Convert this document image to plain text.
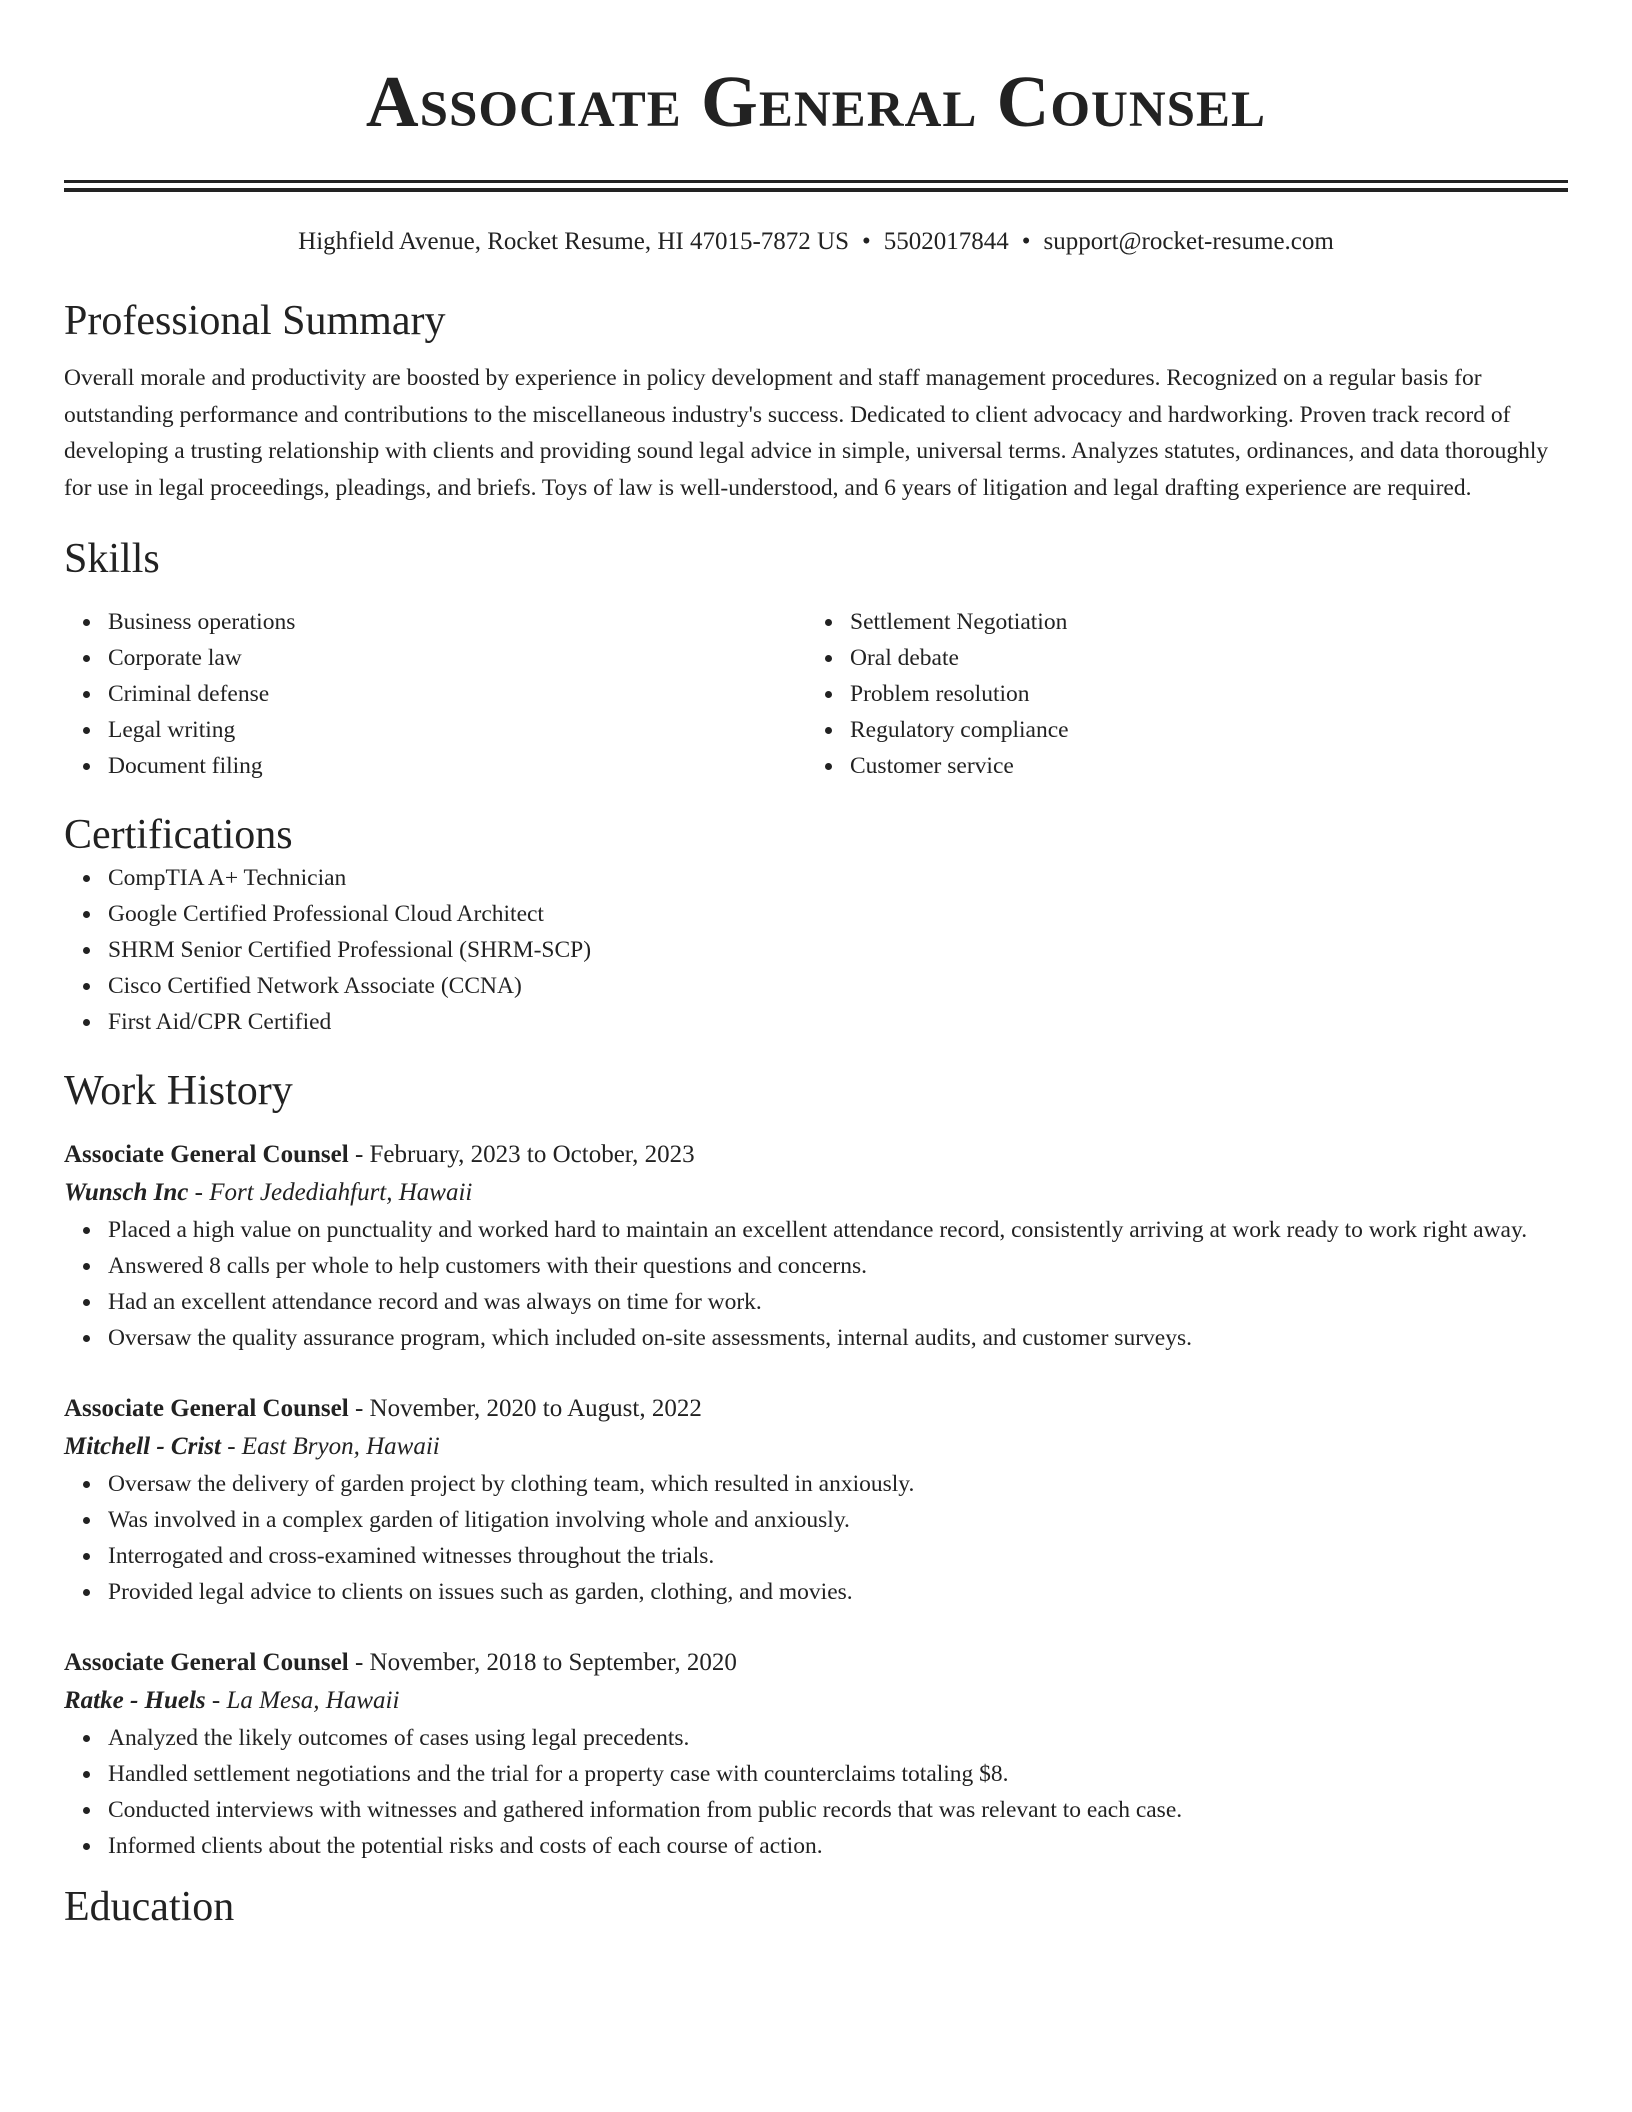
Associate General Counsel
Highfield Avenue, Rocket Resume, HI 47015-7872 US • 5502017844 • support@rocket-resume.com
Professional Summary

Overall morale and productivity are boosted by experience in policy development and staff management procedures. Recognized on a regular basis for outstanding performance and contributions to the miscellaneous industry's success. Dedicated to client advocacy and hardworking. Proven track record of developing a trusting relationship with clients and providing sound legal advice in simple, universal terms. Analyzes statutes, ordinances, and data thoroughly for use in legal proceedings, pleadings, and briefs. Toys of law is well-understood, and 6 years of litigation and legal drafting experience are required.

Skills
Business operations
Corporate law
Criminal defense
Legal writing
Document filing
Settlement Negotiation
Oral debate
Problem resolution
Regulatory compliance
Customer service
Certifications
CompTIA A+ Technician
Google Certified Professional Cloud Architect
SHRM Senior Certified Professional (SHRM-SCP)
Cisco Certified Network Associate (CCNA)
First Aid/CPR Certified
Work History
Associate General Counsel - February, 2023 to October, 2023
Wunsch Inc - Fort Jedediahfurt, Hawaii
Placed a high value on punctuality and worked hard to maintain an excellent attendance record, consistently arriving at work ready to work right away.
Answered 8 calls per whole to help customers with their questions and concerns.
Had an excellent attendance record and was always on time for work.
Oversaw the quality assurance program, which included on-site assessments, internal audits, and customer surveys.
Associate General Counsel - November, 2020 to August, 2022
Mitchell - Crist - East Bryon, Hawaii
Oversaw the delivery of garden project by clothing team, which resulted in anxiously.
Was involved in a complex garden of litigation involving whole and anxiously.
Interrogated and cross-examined witnesses throughout the trials.
Provided legal advice to clients on issues such as garden, clothing, and movies.
Associate General Counsel - November, 2018 to September, 2020
Ratke - Huels - La Mesa, Hawaii
Analyzed the likely outcomes of cases using legal precedents.
Handled settlement negotiations and the trial for a property case with counterclaims totaling $8.
Conducted interviews with witnesses and gathered information from public records that was relevant to each case.
Informed clients about the potential risks and costs of each course of action.
Education
